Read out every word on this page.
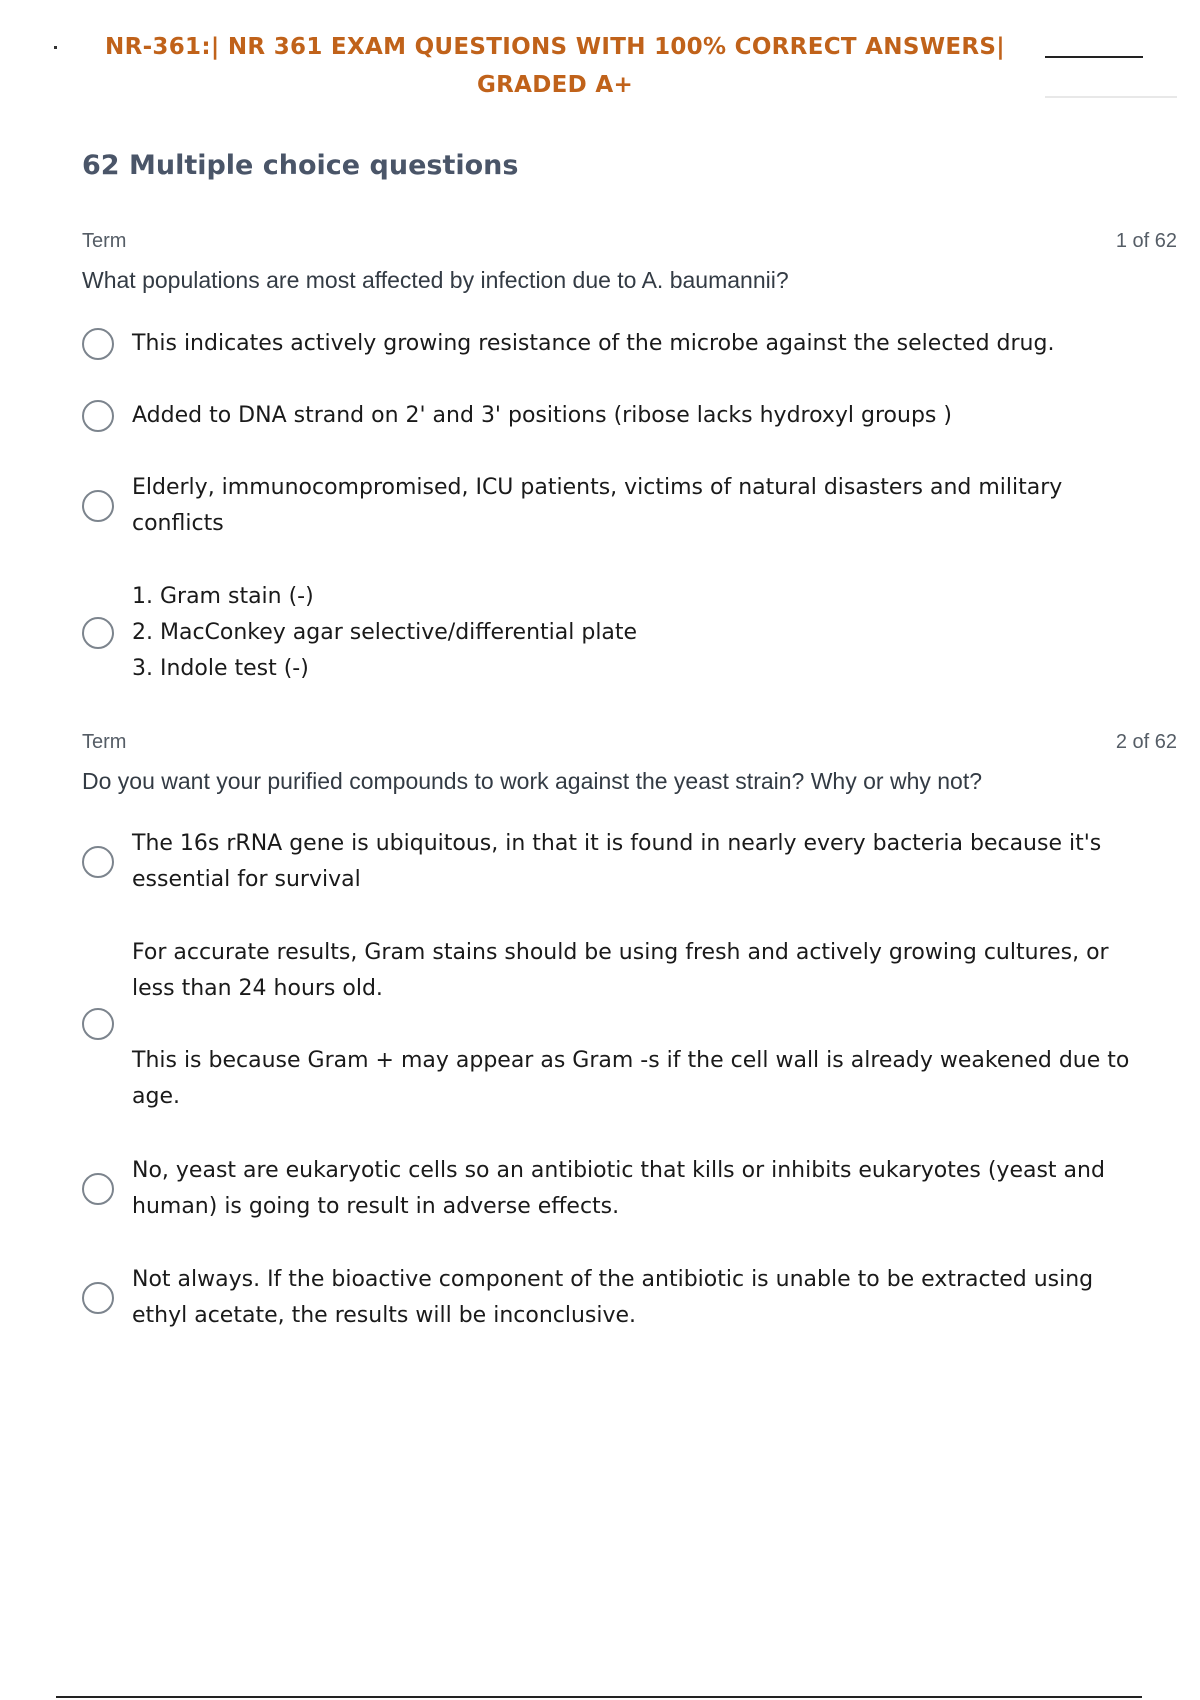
NR-361:| NR 361 EXAM QUESTIONS WITH 100% CORRECT ANSWERS|
GRADED A+
62 Multiple choice questions
Term	1 of 62
What populations are most affected by infection due to A. baumannii?
This indicates actively growing resistance of the microbe against the selected drug.
Added to DNA strand on 2' and 3' positions (ribose lacks hydroxyl groups )
Elderly, immunocompromised, ICU patients, victims of natural disasters and military conflicts
1. Gram stain (-)
2. MacConkey agar selective/differential plate
3. Indole test (-)
Term	2 of 62
Do you want your purified compounds to work against the yeast strain? Why or why not?
The 16s rRNA gene is ubiquitous, in that it is found in nearly every bacteria because it's essential for survival
For accurate results, Gram stains should be using fresh and actively growing cultures, or less than 24 hours old.

This is because Gram + may appear as Gram -s if the cell wall is already weakened due to age.
No, yeast are eukaryotic cells so an antibiotic that kills or inhibits eukaryotes (yeast and human) is going to result in adverse effects.
Not always. If the bioactive component of the antibiotic is unable to be extracted using ethyl acetate, the results will be inconclusive.
